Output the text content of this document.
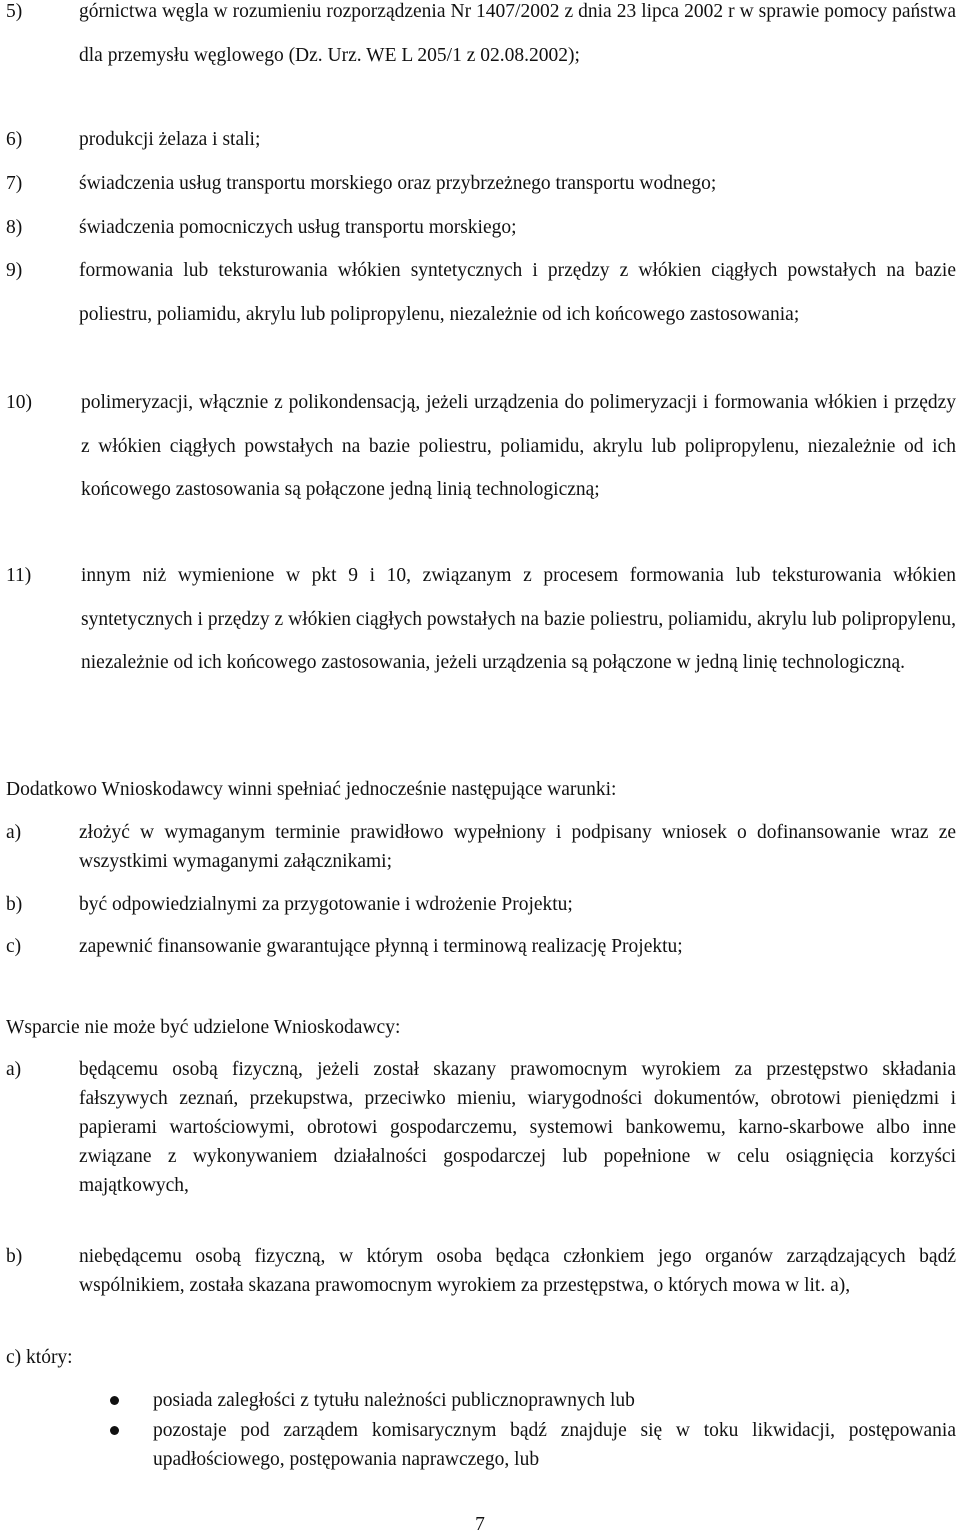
5)	górnictwa węgla w rozumieniu rozporządzenia Nr 1407/2002 z dnia 23 lipca 2002 r w sprawie pomocy państwa dla przemysłu węglowego (Dz. Urz. WE L 205/1 z 02.08.2002);
6)	produkcji żelaza i stali;
7)	świadczenia usług transportu morskiego oraz przybrzeżnego transportu wodnego;
8)	świadczenia pomocniczych usług transportu morskiego;
9)	formowania lub teksturowania włókien syntetycznych i przędzy z włókien ciągłych powstałych na bazie poliestru, poliamidu, akrylu lub polipropylenu, niezależnie od ich końcowego zastosowania;
10)	polimeryzacji, włącznie z polikondensacją, jeżeli urządzenia do polimeryzacji i formowania włókien i przędzy z włókien ciągłych powstałych na bazie poliestru, poliamidu, akrylu lub polipropylenu, niezależnie od ich końcowego zastosowania są połączone jedną linią technologiczną;
11)	innym niż wymienione w pkt 9 i 10, związanym z procesem formowania lub teksturowania włókien syntetycznych i przędzy z włókien ciągłych powstałych na bazie poliestru, poliamidu, akrylu lub polipropylenu, niezależnie od ich końcowego zastosowania, jeżeli urządzenia są połączone w jedną linię technologiczną.
Dodatkowo Wnioskodawcy winni spełniać jednocześnie następujące warunki:
a)	złożyć w wymaganym terminie prawidłowo wypełniony i podpisany wniosek o dofinansowanie wraz ze wszystkimi wymaganymi załącznikami;
b)	być odpowiedzialnymi za przygotowanie i wdrożenie Projektu;
c)	zapewnić finansowanie gwarantujące płynną i terminową realizację Projektu;
Wsparcie nie może być udzielone Wnioskodawcy:
a)	będącemu osobą fizyczną, jeżeli został skazany prawomocnym wyrokiem za przestępstwo składania fałszywych zeznań, przekupstwa, przeciwko mieniu, wiarygodności dokumentów, obrotowi pieniędzmi i papierami wartościowymi, obrotowi gospodarczemu, systemowi bankowemu, karno-skarbowe albo inne związane z wykonywaniem działalności gospodarczej lub popełnione w celu osiągnięcia korzyści majątkowych,
b)	niebędącemu osobą fizyczną, w którym osoba będąca członkiem jego organów zarządzających bądź wspólnikiem, została skazana prawomocnym wyrokiem za przestępstwa, o których mowa w lit. a),
c) który:
posiada zaległości z tytułu należności publicznoprawnych lub
pozostaje pod zarządem komisarycznym bądź znajduje się w toku likwidacji, postępowania upadłościowego, postępowania naprawczego, lub
7
